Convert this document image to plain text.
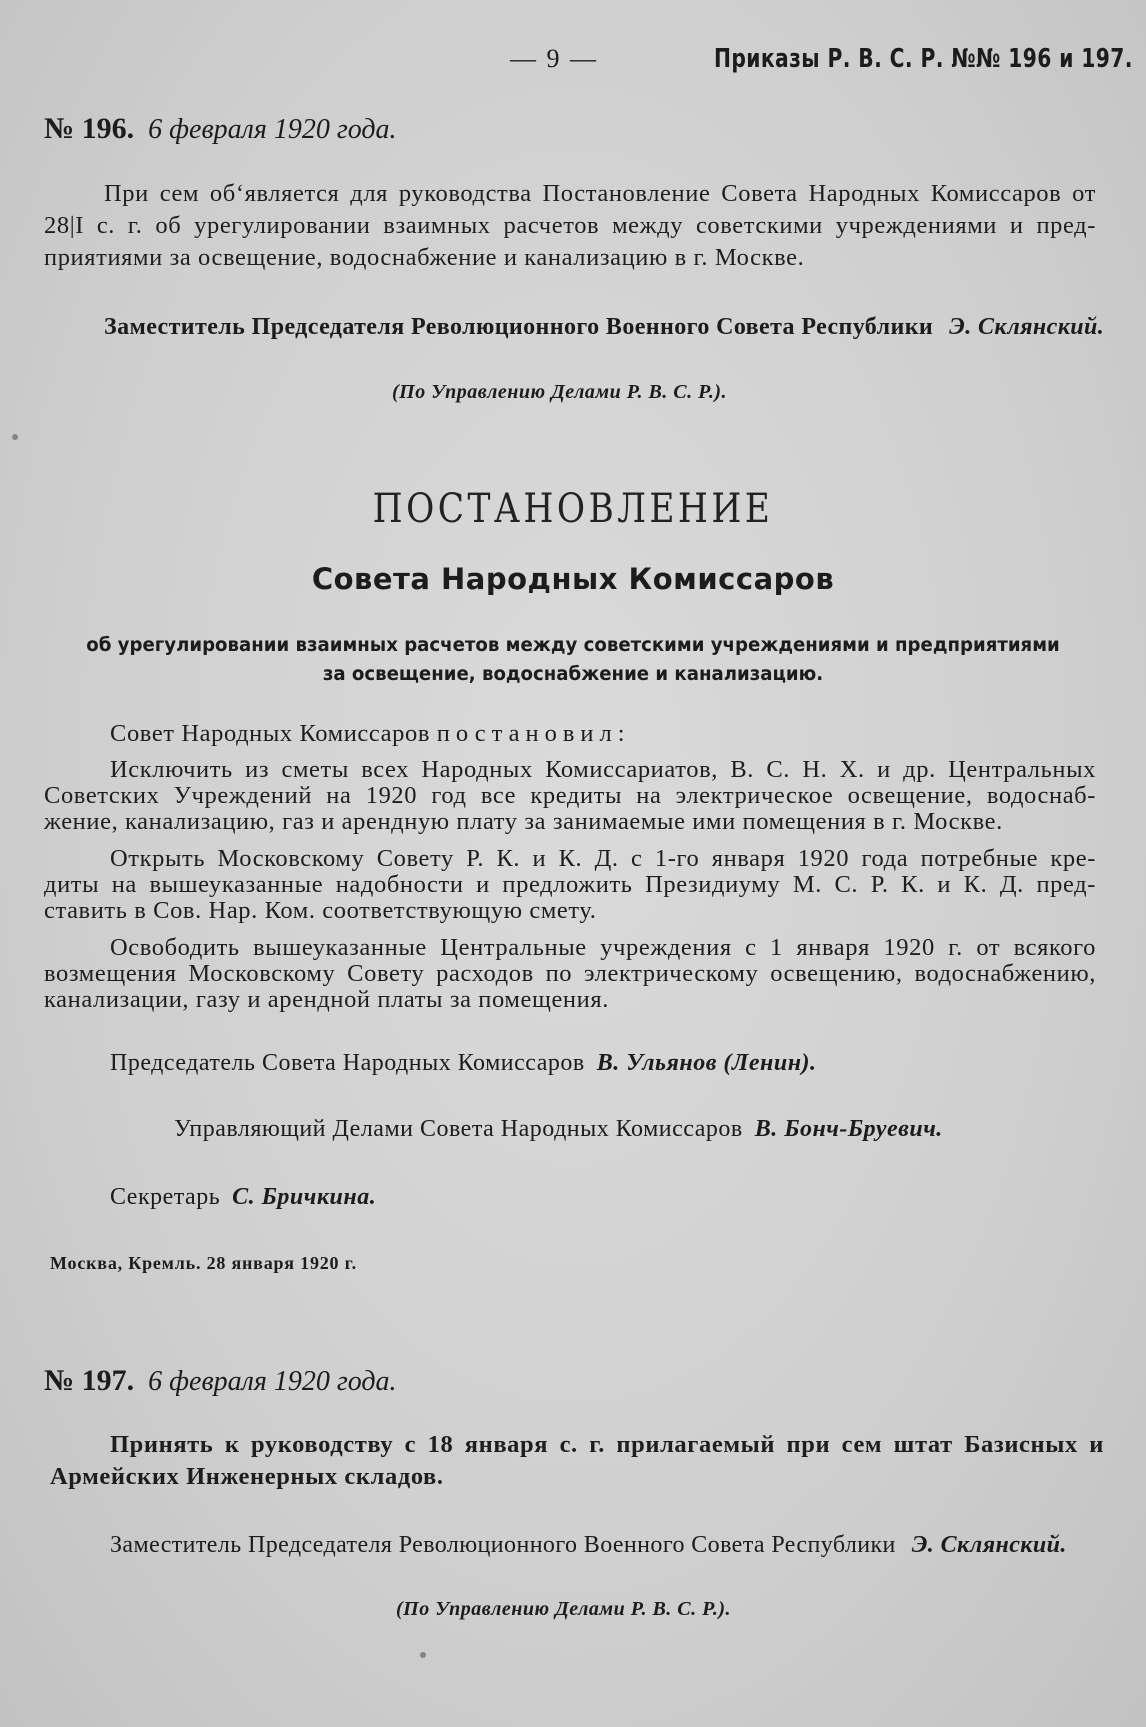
— 9 —	Приказы Р. В. С. Р. №№ 196 и 197.
№ 196. 6 февраля 1920 года.
При сем об‘является для руководства Постановление Совета Народных Комиссаров от
28|I с. г. об урегулировании взаимных расчетов между советскими учреждениями и пред-
приятиями за освещение, водоснабжение и канализацию в г. Москве.
Заместитель Председателя Революционного Военного Совета Республики Э. Склянский.
(По Управлению Делами Р. В. С. Р.).
ПОСТАНОВЛЕНИЕ
Совета Народных Комиссаров
об урегулировании взаимных расчетов между советскими учреждениями и предприятиями
за освещение, водоснабжение и канализацию.
Совет Народных Комиссаров постановил:
Исключить из сметы всех Народных Комиссариатов, В. С. Н. Х. и др. Центральных
Советских Учреждений на 1920 год все кредиты на электрическое освещение, водоснаб-
жение, канализацию, газ и арендную плату за занимаемые ими помещения в г. Москве.
Открыть Московскому Совету Р. К. и К. Д. с 1-го января 1920 года потребные кре-
диты на вышеуказанные надобности и предложить Президиуму М. С. Р. К. и К. Д. пред-
ставить в Сов. Нар. Ком. соответствующую смету.
Освободить вышеуказанные Центральные учреждения с 1 января 1920 г. от всякого
возмещения Московскому Совету расходов по электрическому освещению, водоснабжению,
канализации, газу и арендной платы за помещения.
Председатель Совета Народных Комиссаров В. Ульянов (Ленин).
Управляющий Делами Совета Народных Комиссаров В. Бонч-Бруевич.
Секретарь С. Бричкина.
Москва, Кремль. 28 января 1920 г.
№ 197. 6 февраля 1920 года.
Принять к руководству с 18 января с. г. прилагаемый при сем штат Базисных и
Армейских Инженерных складов.
Заместитель Председателя Революционного Военного Совета Республики Э. Склянский.
(По Управлению Делами Р. В. С. Р.).
